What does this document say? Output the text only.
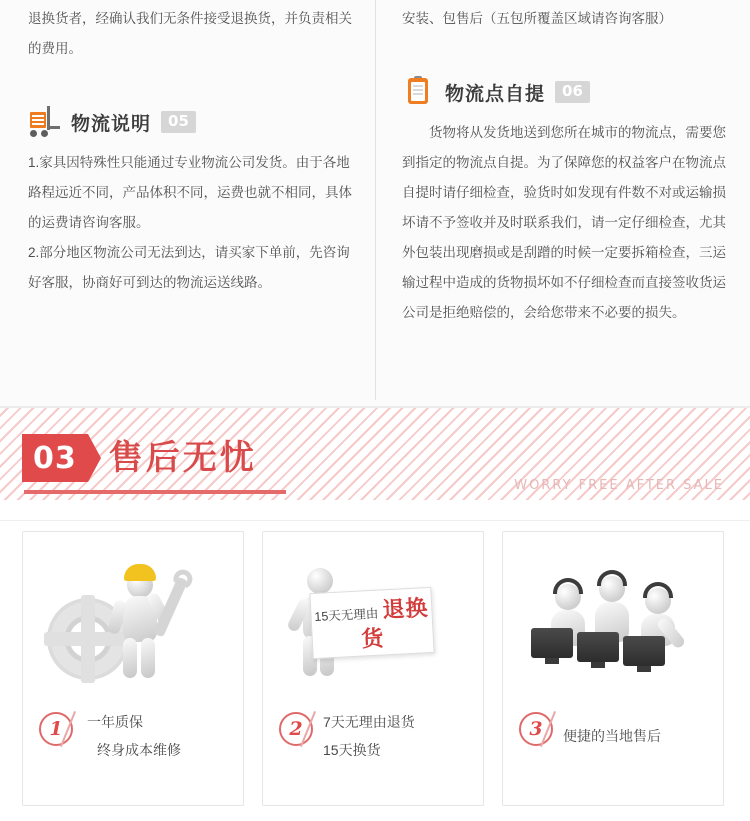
退换货者，经确认我们无条件接受退换货，并负责相关的费用。
物流说明	05

1.家具因特殊性只能通过专业物流公司发货。由于各地路程远近不同，产品体积不同，运费也就不相同，具体的运费请咨询客服。

2.部分地区物流公司无法到达，请买家下单前，先咨询好客服，协商好可到达的物流运送线路。

安装、包售后（五包所覆盖区域请咨询客服）
物流点自提	06

货物将从发货地送到您所在城市的物流点，需要您到指定的物流点自提。为了保障您的权益客户在物流点自提时请仔细检查，验货时如发现有件数不对或运输损坏请不予签收并及时联系我们，请一定仔细检查，尤其外包装出现磨损或是刮蹭的时候一定要拆箱检查，三运输过程中造成的货物损坏如不仔细检查而直接签收货运公司是拒绝赔偿的，会给您带来不必要的损失。

03 售后无忧
WORRY FREE AFTER SALE
1	一年质保
终身成本维修
15天无理由 退换货
2	7天无理由退货
15天换货
3	便捷的当地售后
